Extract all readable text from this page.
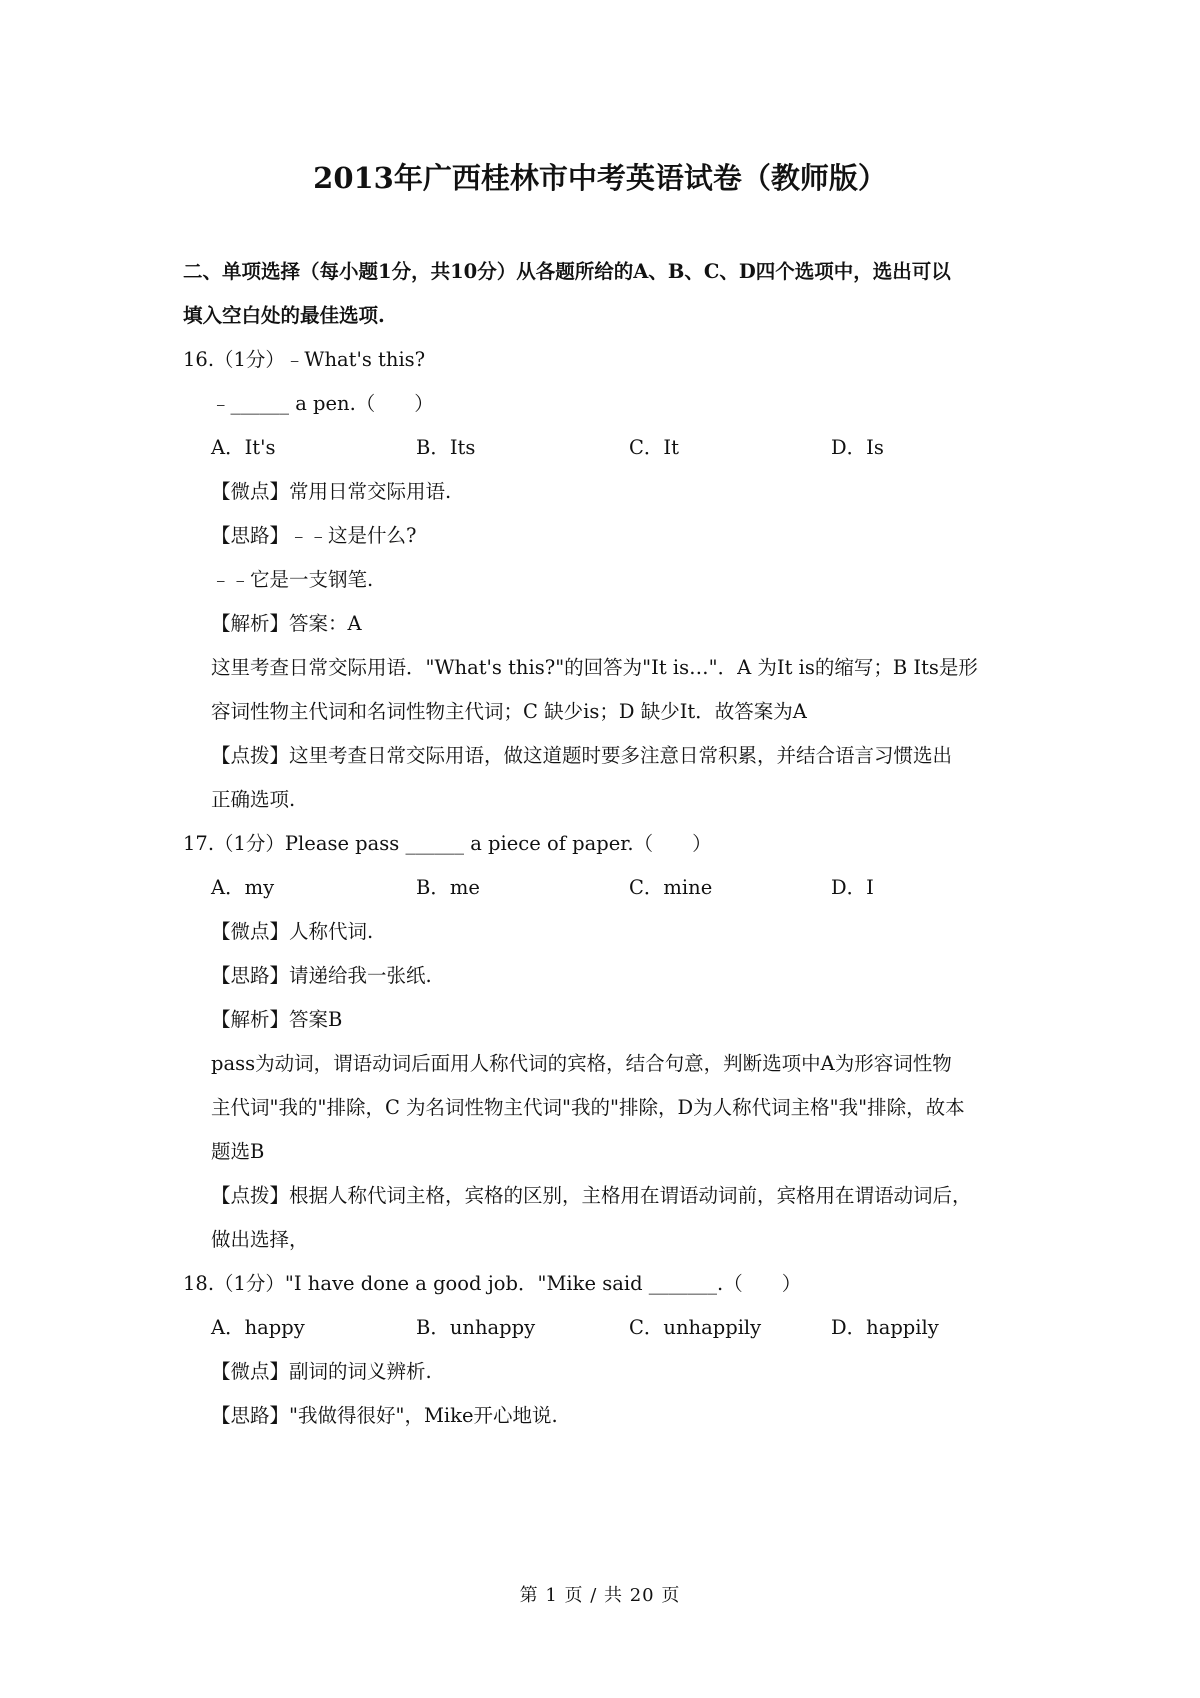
2013年广西桂林市中考英语试卷（教师版）
二、单项选择（每小题1分，共10分）从各题所给的A、B、C、D四个选项中，选出可以
填入空白处的最佳选项.
16.（1分）﹣What's this?
﹣______ a pen.（　　）
A．It's	B．Its	C．It	D．Is
【微点】常用日常交际用语.
【思路】﹣﹣这是什么?
﹣﹣它是一支钢笔.
【解析】答案：A
这里考查日常交际用语．"What's this?"的回答为"It is…"．A 为It is的缩写；B Its是形
容词性物主代词和名词性物主代词；C 缺少is；D 缺少It．故答案为A
【点拨】这里考查日常交际用语，做这道题时要多注意日常积累，并结合语言习惯选出
正确选项.
17.（1分）Please pass ______ a piece of paper.（　　）
A．my	B．me	C．mine	D．I
【微点】人称代词.
【思路】请递给我一张纸.
【解析】答案B
pass为动词，谓语动词后面用人称代词的宾格，结合句意，判断选项中A为形容词性物
主代词"我的"排除，C 为名词性物主代词"我的"排除，D为人称代词主格"我"排除，故本
题选B
【点拨】根据人称代词主格，宾格的区别，主格用在谓语动词前，宾格用在谓语动词后，
做出选择，
18.（1分）"I have done a good job．"Mike said _______.（　　）
A．happy	B．unhappy	C．unhappily	D．happily
【微点】副词的词义辨析.
【思路】"我做得很好"，Mike开心地说.
第 1 页 / 共 20 页
